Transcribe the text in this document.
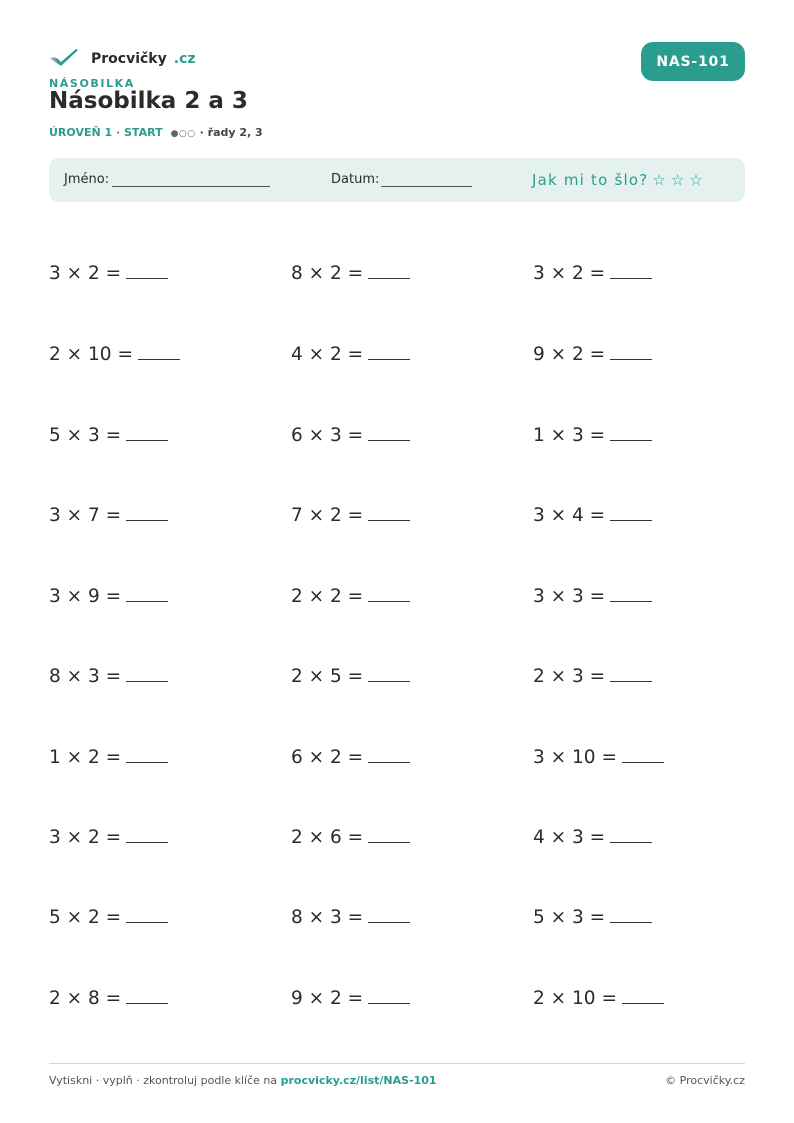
Procvičky .cz
NÁSOBILKA
Násobilka 2 a 3
ÚROVEŇ 1 · START ●○○ · řady 2, 3
NAS-101
Jméno:	Datum:	Jak mi to šlo? ☆☆☆
3 × 2 =	8 × 2 =	3 × 2 =
2 × 10 =	4 × 2 =	9 × 2 =
5 × 3 =	6 × 3 =	1 × 3 =
3 × 7 =	7 × 2 =	3 × 4 =
3 × 9 =	2 × 2 =	3 × 3 =
8 × 3 =	2 × 5 =	2 × 3 =
1 × 2 =	6 × 2 =	3 × 10 =
3 × 2 =	2 × 6 =	4 × 3 =
5 × 2 =	8 × 3 =	5 × 3 =
2 × 8 =	9 × 2 =	2 × 10 =
Vytiskni · vyplň · zkontroluj podle klíče na procvicky.cz/list/NAS-101	© Procvičky.cz
